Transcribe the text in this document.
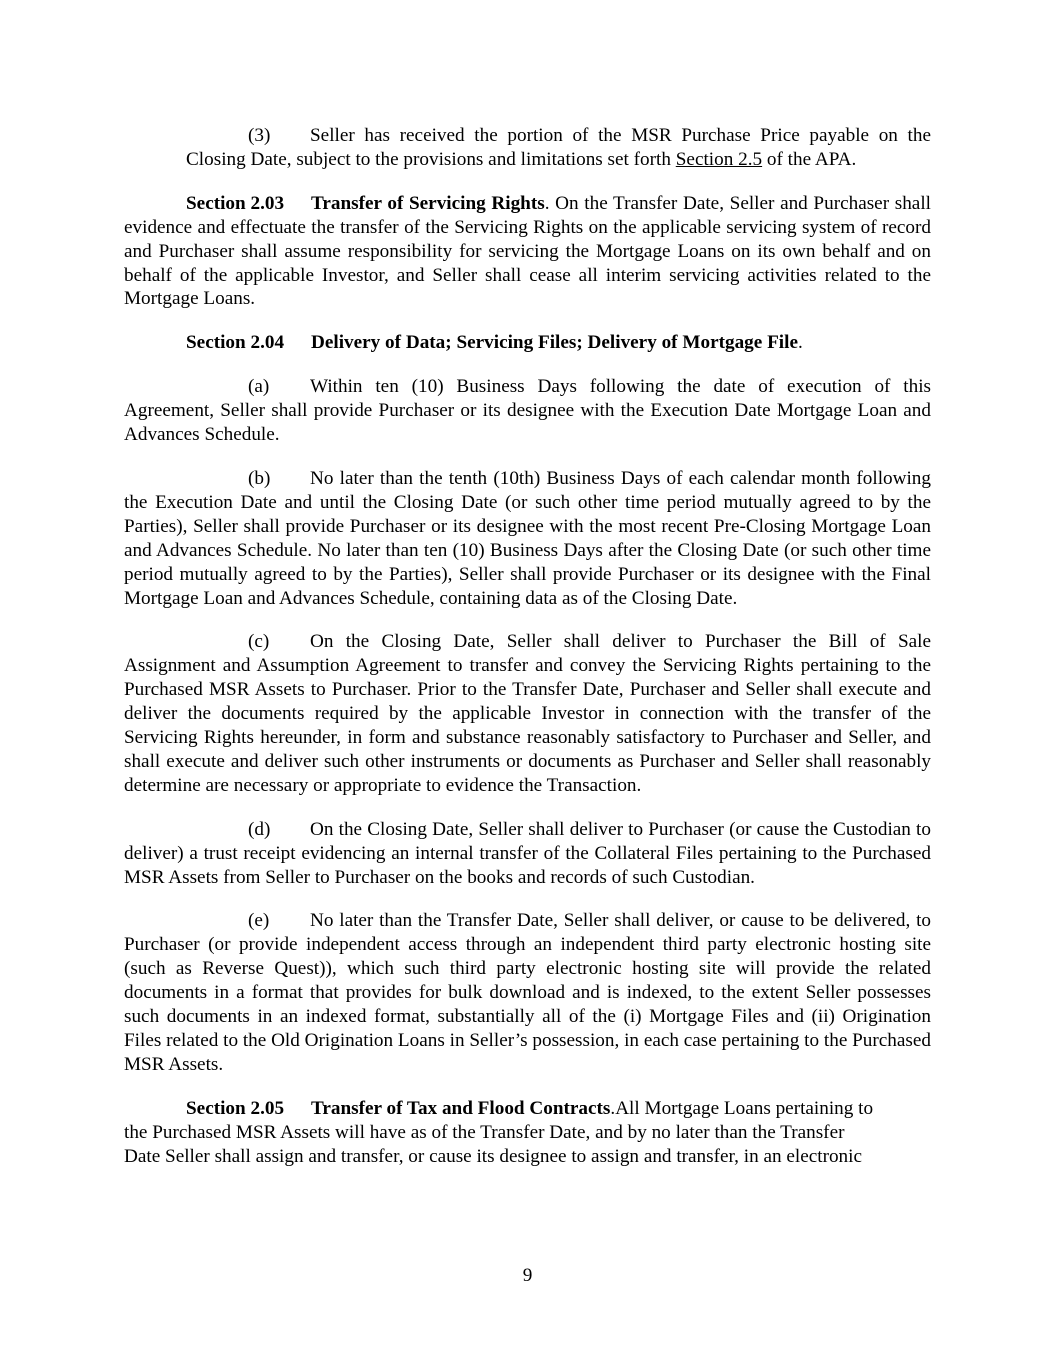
(3) Seller has received the portion of the MSR Purchase Price payable on the Closing Date, subject to the provisions and limitations set forth Section 2.5 of the APA.

Section 2.03 Transfer of Servicing Rights. On the Transfer Date, Seller and Purchaser shall evidence and effectuate the transfer of the Servicing Rights on the applicable servicing system of record and Purchaser shall assume responsibility for servicing the Mortgage Loans on its own behalf and on behalf of the applicable Investor, and Seller shall cease all interim servicing activities related to the Mortgage Loans.

Section 2.04 Delivery of Data; Servicing Files; Delivery of Mortgage File.

(a) Within ten (10) Business Days following the date of execution of this Agreement, Seller shall provide Purchaser or its designee with the Execution Date Mortgage Loan and Advances Schedule.

(b) No later than the tenth (10th) Business Days of each calendar month following the Execution Date and until the Closing Date (or such other time period mutually agreed to by the Parties), Seller shall provide Purchaser or its designee with the most recent Pre-Closing Mortgage Loan and Advances Schedule. No later than ten (10) Business Days after the Closing Date (or such other time period mutually agreed to by the Parties), Seller shall provide Purchaser or its designee with the Final Mortgage Loan and Advances Schedule, containing data as of the Closing Date.

(c) On the Closing Date, Seller shall deliver to Purchaser the Bill of Sale Assignment and Assumption Agreement to transfer and convey the Servicing Rights pertaining to the Purchased MSR Assets to Purchaser. Prior to the Transfer Date, Purchaser and Seller shall execute and deliver the documents required by the applicable Investor in connection with the transfer of the Servicing Rights hereunder, in form and substance reasonably satisfactory to Purchaser and Seller, and shall execute and deliver such other instruments or documents as Purchaser and Seller shall reasonably determine are necessary or appropriate to evidence the Transaction.

(d) On the Closing Date, Seller shall deliver to Purchaser (or cause the Custodian to deliver) a trust receipt evidencing an internal transfer of the Collateral Files pertaining to the Purchased MSR Assets from Seller to Purchaser on the books and records of such Custodian.

(e) No later than the Transfer Date, Seller shall deliver, or cause to be delivered, to Purchaser (or provide independent access through an independent third party electronic hosting site (such as Reverse Quest)), which such third party electronic hosting site will provide the related documents in a format that provides for bulk download and is indexed, to the extent Seller possesses such documents in an indexed format, substantially all of the (i) Mortgage Files and (ii) Origination Files related to the Old Origination Loans in Seller’s possession, in each case pertaining to the Purchased MSR Assets.

Section 2.05 Transfer of Tax and Flood Contracts.All Mortgage Loans pertaining to
the Purchased MSR Assets will have as of the Transfer Date, and by no later than the Transfer
Date Seller shall assign and transfer, or cause its designee to assign and transfer, in an electronic
9
